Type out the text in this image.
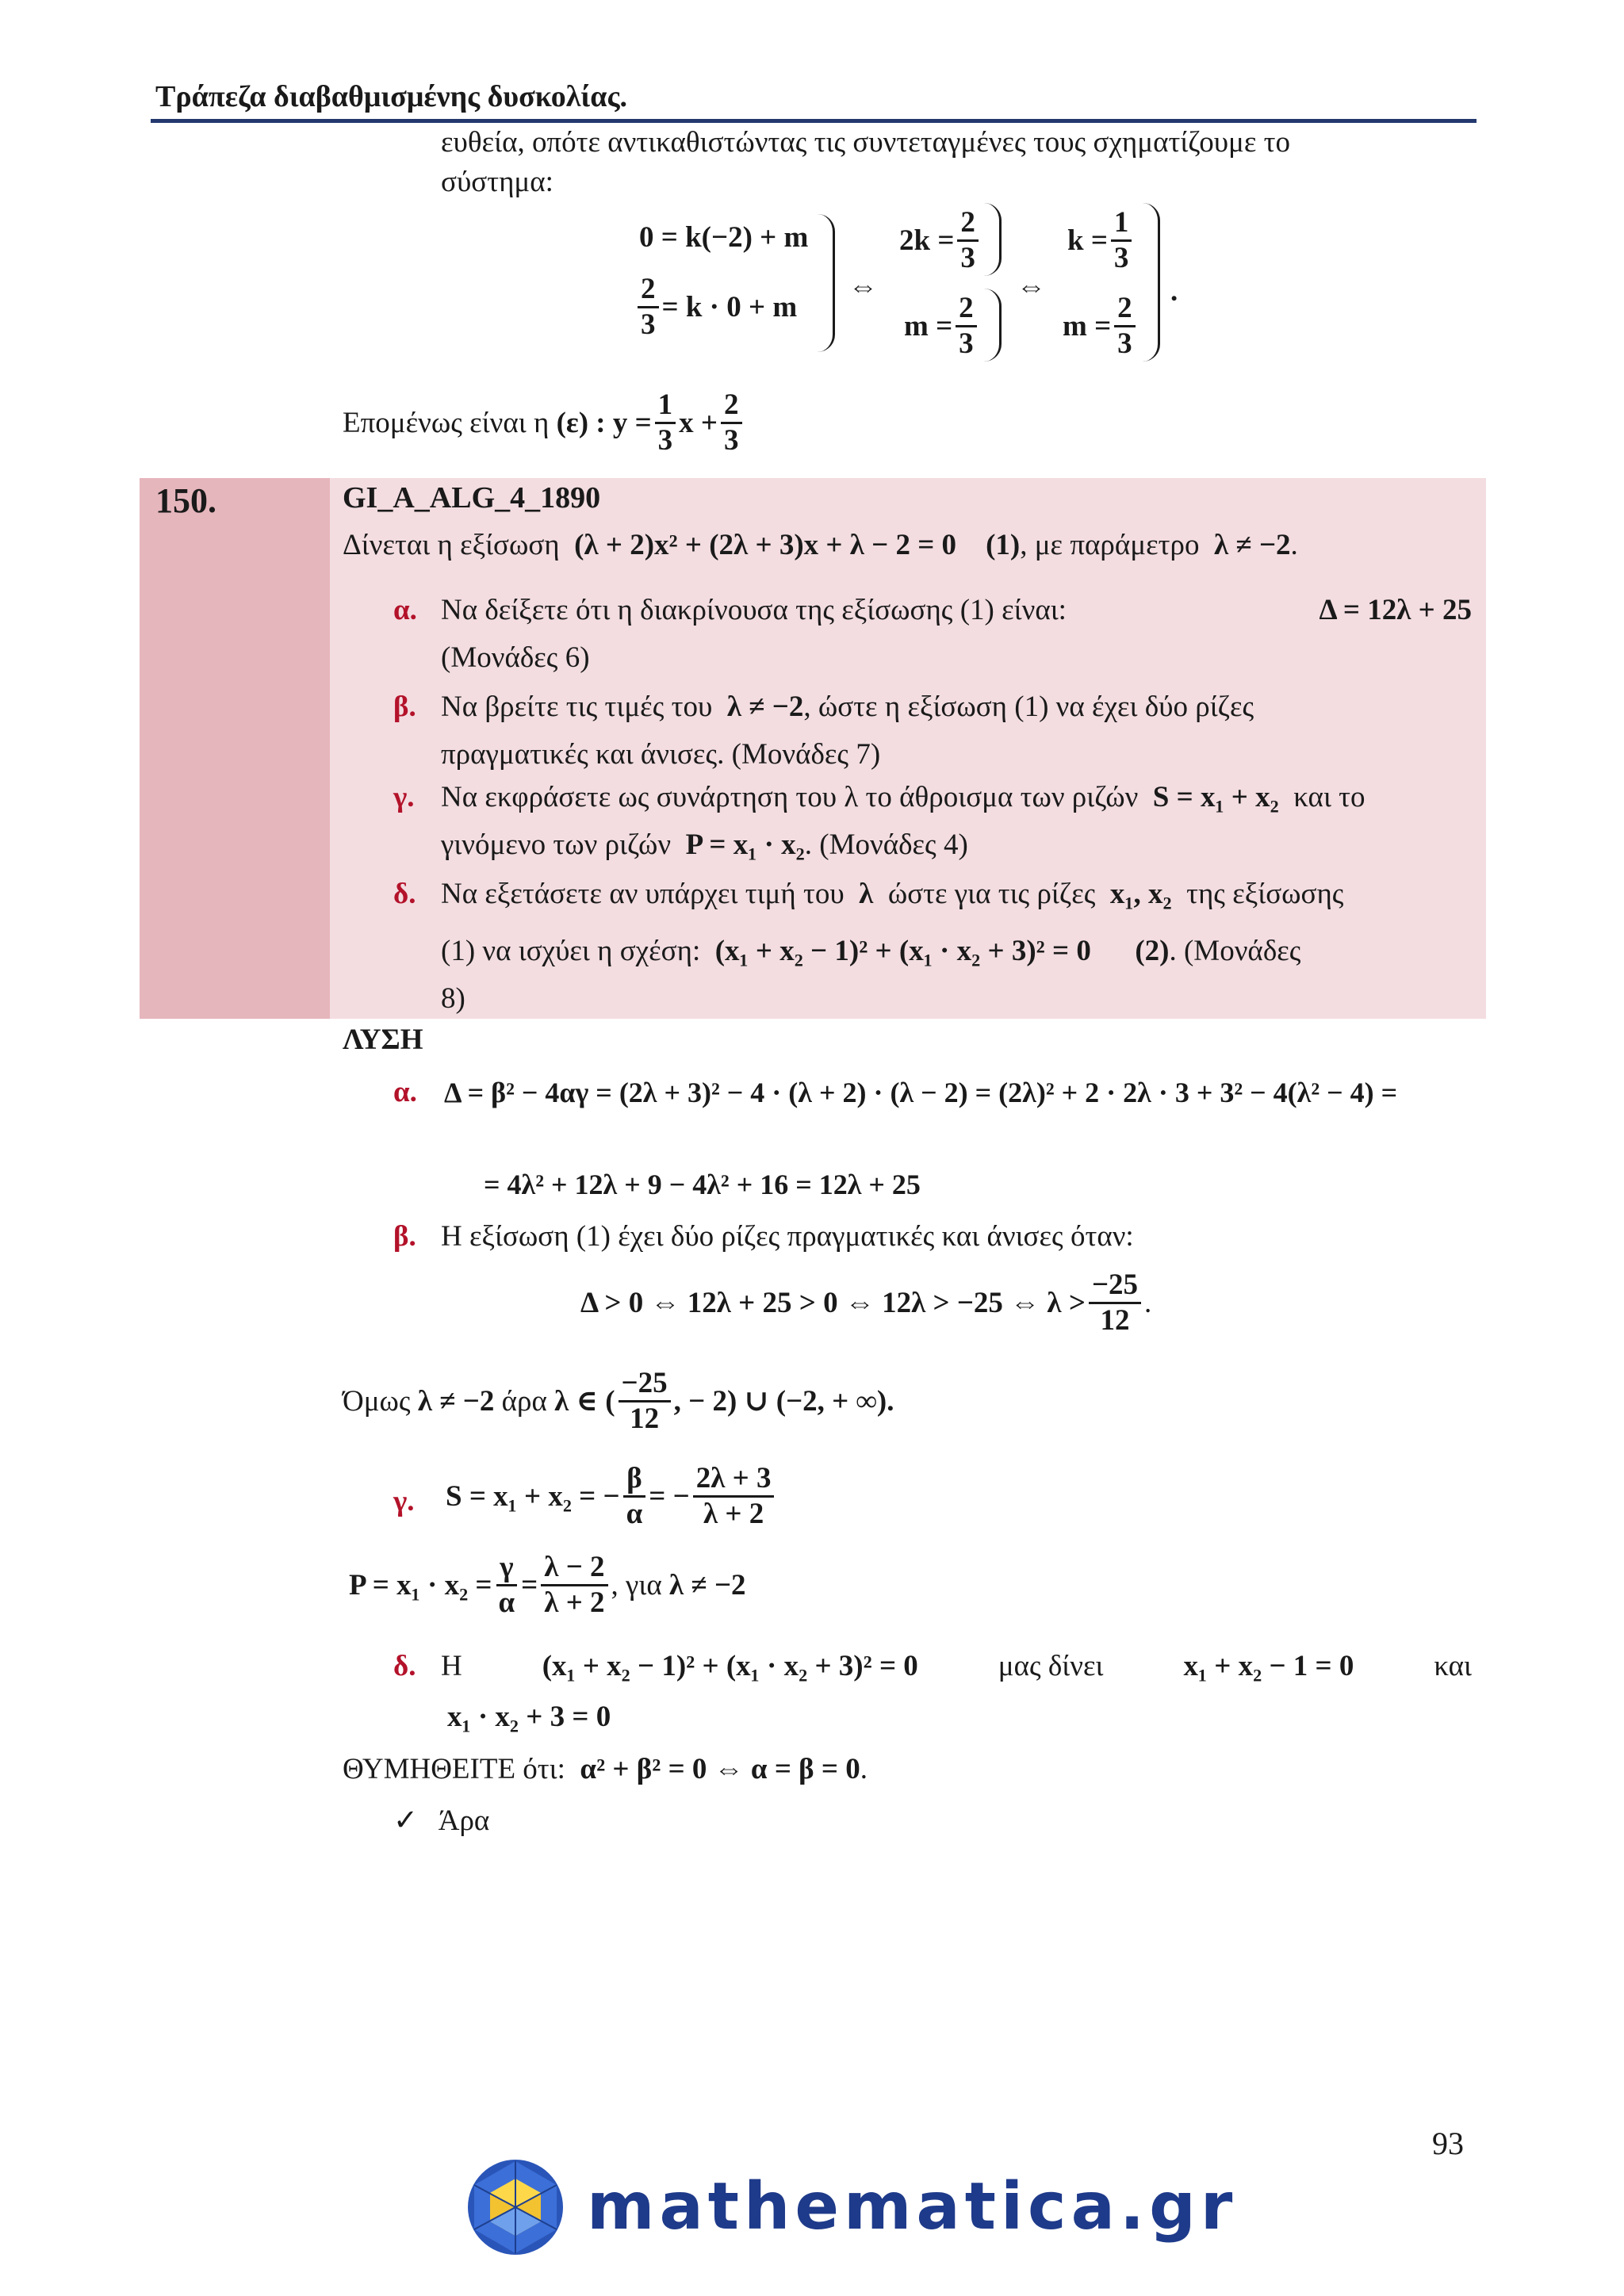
Τράπεζα διαβαθμισμένης δυσκολίας.
ευθεία, οπότε αντικαθιστώντας τις συντεταγμένες τους σχηματίζουμε το
σύστημα:
0 = k(−2) + m
$\frac{2}{3} = k \cdot 0 + m$
⇔
$2k = \frac{2}{3}$
$m = \frac{2}{3}$
⇔
$k = \frac{1}{3}$
$m = \frac{2}{3}$
.
Επομένως είναι η
(ε) : $y = \frac{1}{3}$ $x + \frac{2}{3}$
150.	GI_A_ALG_4_1890
Δίνεται η εξίσωση (λ + 2)x² + (2λ + 3)x + λ − 2 = 0 (1), με παράμετρο λ ≠ −2.
α. Να δείξετε ότι η διακρίνουσα της εξίσωσης (1) είναι:	Δ = 12λ + 25
(Μονάδες 6)
β. Να βρείτε τις τιμές του λ ≠ −2, ώστε η εξίσωση (1) να έχει δύο ρίζες
πραγματικές και άνισες. (Μονάδες 7)
γ. Να εκφράσετε ως συνάρτηση του λ το άθροισμα των ριζών S = x₁ + x₂ και το
γινόμενο των ριζών P = x₁ · x₂. (Μονάδες 4)
δ. Να εξετάσετε αν υπάρχει τιμή του λ ώστε για τις ρίζες x₁, x₂ της εξίσωσης
(1) να ισχύει η σχέση: (x₁ + x₂ − 1)² + (x₁ · x₂ + 3)² = 0 (2). (Μονάδες
8)
ΛΥΣΗ
α. Δ = β² − 4αγ = (2λ + 3)² − 4 · (λ + 2) · (λ − 2) = (2λ)² + 2 · 2λ · 3 + 3² − 4(λ² − 4) =
= 4λ² + 12λ + 9 − 4λ² + 16 = 12λ + 25
β. Η εξίσωση (1) έχει δύο ρίζες πραγματικές και άνισες όταν:
Δ > 0 ⇔ 12λ + 25 > 0 ⇔ 12λ > −25 ⇔ $\lambda > \frac{-25}{12}$ .
Όμως
λ ≠ −2
άρα
λ ∈ ( $\frac{-25}{12}$ , − 2) ∪ (−2, + ∞).
γ. S = x₁ + x₂ = − $\frac{\beta}{\alpha}$ = − $\frac{2\lambda + 3}{\lambda + 2}$
$P = x_1 \cdot x_2 = \frac{\gamma}{\alpha} = \frac{\lambda - 2}{\lambda + 2}$ , για
λ ≠ −2
δ. Η	(x₁ + x₂ − 1)² + (x₁ · x₂ + 3)² = 0	μας δίνει	x₁ + x₂ − 1 = 0	και
x₁ · x₂ + 3 = 0
ΘΥΜΗΘΕΙΤΕ ότι: α² + β² = 0 ⇔ α = β = 0.
✓ Άρα
93
mathematica.gr
